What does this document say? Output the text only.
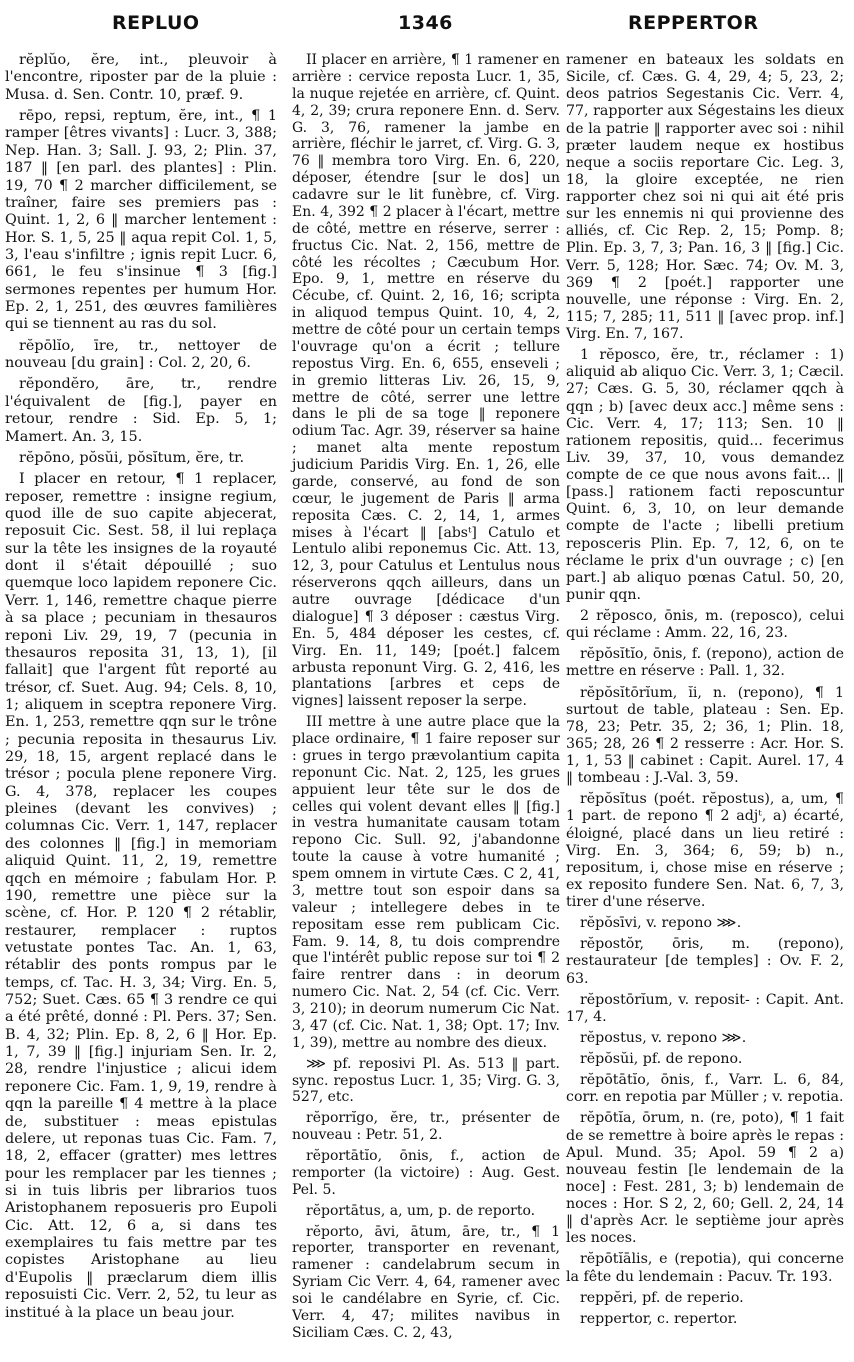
REPLUO	1346	REPPERTOR

rĕplŭo, ĕre, int., pleuvoir à l'encontre, riposter par de la pluie : Musa. d. Sen. Contr. 10, præf. 9.

rēpo, repsi, reptum, ĕre, int., ¶ 1 ramper [êtres vivants] : Lucr. 3, 388; Nep. Han. 3; Sall. J. 93, 2; Plin. 37, 187 ‖ [en parl. des plantes] : Plin. 19, 70 ¶ 2 marcher difficilement, se traîner, faire ses premiers pas : Quint. 1, 2, 6 ‖ marcher lentement : Hor. S. 1, 5, 25 ‖ aqua repit Col. 1, 5, 3, l'eau s'infiltre ; ignis repit Lucr. 6, 661, le feu s'insinue ¶ 3 [fig.] sermones repentes per humum Hor. Ep. 2, 1, 251, des œuvres familières qui se tiennent au ras du sol.

rĕpōlĭo, īre, tr., nettoyer de nouveau [du grain] : Col. 2, 20, 6.

rĕpondĕro, āre, tr., rendre l'équivalent de [fig.], payer en retour, rendre : Sid. Ep. 5, 1; Mamert. An. 3, 15.

rĕpōno, pŏsŭi, pŏsĭtum, ĕre, tr.

I placer en retour, ¶ 1 replacer, reposer, remettre : insigne regium, quod ille de suo capite abjecerat, reposuit Cic. Sest. 58, il lui replaça sur la tête les insignes de la royauté dont il s'était dépouillé ; suo quemque loco lapidem reponere Cic. Verr. 1, 146, remettre chaque pierre à sa place ; pecuniam in thesauros reponi Liv. 29, 19, 7 (pecunia in thesauros reposita 31, 13, 1), [il fallait] que l'argent fût reporté au trésor, cf. Suet. Aug. 94; Cels. 8, 10, 1; aliquem in sceptra reponere Virg. En. 1, 253, remettre qqn sur le trône ; pecunia reposita in thesaurus Liv. 29, 18, 15, argent replacé dans le trésor ; pocula plene reponere Virg. G. 4, 378, replacer les coupes pleines (devant les convives) ; columnas Cic. Verr. 1, 147, replacer des colonnes ‖ [fig.] in memoriam aliquid Quint. 11, 2, 19, remettre qqch en mémoire ; fabulam Hor. P. 190, remettre une pièce sur la scène, cf. Hor. P. 120 ¶ 2 rétablir, restaurer, remplacer : ruptos vetustate pontes Tac. An. 1, 63, rétablir des ponts rompus par le temps, cf. Tac. H. 3, 34; Virg. En. 5, 752; Suet. Cæs. 65 ¶ 3 rendre ce qui a été prêté, donné : Pl. Pers. 37; Sen. B. 4, 32; Plin. Ep. 8, 2, 6 ‖ Hor. Ep. 1, 7, 39 ‖ [fig.] injuriam Sen. Ir. 2, 28, rendre l'injustice ; alicui idem reponere Cic. Fam. 1, 9, 19, rendre à qqn la pareille ¶ 4 mettre à la place de, substituer : meas epistulas delere, ut reponas tuas Cic. Fam. 7, 18, 2, effacer (gratter) mes lettres pour les remplacer par les tiennes ; si in tuis libris per librarios tuos Aristophanem reposueris pro Eupoli Cic. Att. 12, 6 a, si dans tes exemplaires tu fais mettre par tes copistes Aristophane au lieu d'Eupolis ‖ præclarum diem illis reposuisti Cic. Verr. 2, 52, tu leur as institué à la place un beau jour.

II placer en arrière, ¶ 1 ramener en arrière : cervice reposta Lucr. 1, 35, la nuque rejetée en arrière, cf. Quint. 4, 2, 39; crura reponere Enn. d. Serv. G. 3, 76, ramener la jambe en arrière, fléchir le jarret, cf. Virg. G. 3, 76 ‖ membra toro Virg. En. 6, 220, déposer, étendre [sur le dos] un cadavre sur le lit funèbre, cf. Virg. En. 4, 392 ¶ 2 placer à l'écart, mettre de côté, mettre en réserve, serrer : fructus Cic. Nat. 2, 156, mettre de côté les récoltes ; Cæcubum Hor. Epo. 9, 1, mettre en réserve du Cécube, cf. Quint. 2, 16, 16; scripta in aliquod tempus Quint. 10, 4, 2, mettre de côté pour un certain temps l'ouvrage qu'on a écrit ; tellure repostus Virg. En. 6, 655, enseveli ; in gremio litteras Liv. 26, 15, 9, mettre de côté, serrer une lettre dans le pli de sa toge ‖ reponere odium Tac. Agr. 39, réserver sa haine ; manet alta mente repostum judicium Paridis Virg. En. 1, 26, elle garde, conservé, au fond de son cœur, le jugement de Paris ‖ arma reposita Cæs. C. 2, 14, 1, armes mises à l'écart ‖ [absᵗ] Catulo et Lentulo alibi reponemus Cic. Att. 13, 12, 3, pour Catulus et Lentulus nous réserverons qqch ailleurs, dans un autre ouvrage [dédicace d'un dialogue] ¶ 3 déposer : cæstus Virg. En. 5, 484 déposer les cestes, cf. Virg. En. 11, 149; [poét.] falcem arbusta reponunt Virg. G. 2, 416, les plantations [arbres et ceps de vignes] laissent reposer la serpe.

III mettre à une autre place que la place ordinaire, ¶ 1 faire reposer sur : grues in tergo prævolantium capita reponunt Cic. Nat. 2, 125, les grues appuient leur tête sur le dos de celles qui volent devant elles ‖ [fig.] in vestra humanitate causam totam repono Cic. Sull. 92, j'abandonne toute la cause à votre humanité ; spem omnem in virtute Cæs. C 2, 41, 3, mettre tout son espoir dans sa valeur ; intellegere debes in te repositam esse rem publicam Cic. Fam. 9. 14, 8, tu dois comprendre que l'intérêt public repose sur toi ¶ 2 faire rentrer dans : in deorum numero Cic. Nat. 2, 54 (cf. Cic. Verr. 3, 210); in deorum numerum Cic Nat. 3, 47 (cf. Cic. Nat. 1, 38; Opt. 17; Inv. 1, 39), mettre au nombre des dieux.

⋙ pf. reposivi Pl. As. 513 ‖ part. sync. repostus Lucr. 1, 35; Virg. G. 3, 527, etc.

rĕporrĭgo, ĕre, tr., présenter de nouveau : Petr. 51, 2.

rĕportātĭo, ōnis, f., action de remporter (la victoire) : Aug. Gest. Pel. 5.

rĕportātus, a, um, p. de reporto.

rĕporto, āvi, ātum, āre, tr., ¶ 1 reporter, transporter en revenant, ramener : candelabrum secum in Syriam Cic Verr. 4, 64, ramener avec soi le candélabre en Syrie, cf. Cic. Verr. 4, 47; milites navibus in Siciliam Cæs. C. 2, 43,

ramener en bateaux les soldats en Sicile, cf. Cæs. G. 4, 29, 4; 5, 23, 2; deos patrios Segestanis Cic. Verr. 4, 77, rapporter aux Ségestains les dieux de la patrie ‖ rapporter avec soi : nihil præter laudem neque ex hostibus neque a sociis reportare Cic. Leg. 3, 18, la gloire exceptée, ne rien rapporter chez soi ni qui ait été pris sur les ennemis ni qui provienne des alliés, cf. Cic Rep. 2, 15; Pomp. 8; Plin. Ep. 3, 7, 3; Pan. 16, 3 ‖ [fig.] Cic. Verr. 5, 128; Hor. Sæc. 74; Ov. M. 3, 369 ¶ 2 [poét.] rapporter une nouvelle, une réponse : Virg. En. 2, 115; 7, 285; 11, 511 ‖ [avec prop. inf.] Virg. En. 7, 167.

1 rĕposco, ĕre, tr., réclamer : 1) aliquid ab aliquo Cic. Verr. 3, 1; Cæcil. 27; Cæs. G. 5, 30, réclamer qqch à qqn ; b) [avec deux acc.] même sens : Cic. Verr. 4, 17; 113; Sen. 10 ‖ rationem repositis, quid... fecerimus Liv. 39, 37, 10, vous demandez compte de ce que nous avons fait... ‖ [pass.] rationem facti reposcuntur Quint. 6, 3, 10, on leur demande compte de l'acte ; libelli pretium reposceris Plin. Ep. 7, 12, 6, on te réclame le prix d'un ouvrage ; c) [en part.] ab aliquo pœnas Catul. 50, 20, punir qqn.

2 rĕposco, ōnis, m. (reposco), celui qui réclame : Amm. 22, 16, 23.

rĕpŏsĭtĭo, ōnis, f. (repono), action de mettre en réserve : Pall. 1, 32.

rĕpŏsĭtōrĭum, ĭi, n. (repono), ¶ 1 surtout de table, plateau : Sen. Ep. 78, 23; Petr. 35, 2; 36, 1; Plin. 18, 365; 28, 26 ¶ 2 resserre : Acr. Hor. S. 1, 1, 53 ‖ cabinet : Capit. Aurel. 17, 4 ‖ tombeau : J.-Val. 3, 59.

rĕpŏsĭtus (poét. rĕpostus), a, um, ¶ 1 part. de repono ¶ 2 adjᵗ, a) écarté, éloigné, placé dans un lieu retiré : Virg. En. 3, 364; 6, 59; b) n., repositum, i, chose mise en réserve ; ex reposito fundere Sen. Nat. 6, 7, 3, tirer d'une réserve.

rĕpŏsīvi, v. repono ⋙.

rĕpostŏr, ōris, m. (repono), restaurateur [de temples] : Ov. F. 2, 63.

rĕpostōrĭum, v. reposit- : Capit. Ant. 17, 4.

rĕpostus, v. repono ⋙.

rĕpŏsŭi, pf. de repono.

rĕpōtātĭo, ōnis, f., Varr. L. 6, 84, corr. en repotia par Müller ; v. repotia.

rĕpōtĭa, ōrum, n. (re, poto), ¶ 1 fait de se remettre à boire après le repas : Apul. Mund. 35; Apol. 59 ¶ 2 a) nouveau festin [le lendemain de la noce] : Fest. 281, 3; b) lendemain de noces : Hor. S 2, 2, 60; Gell. 2, 24, 14 ‖ d'après Acr. le septième jour après les noces.

rĕpōtĭālis, e (repotia), qui concerne la fête du lendemain : Pacuv. Tr. 193.

reppĕri, pf. de reperio.

reppertor, c. repertor.
